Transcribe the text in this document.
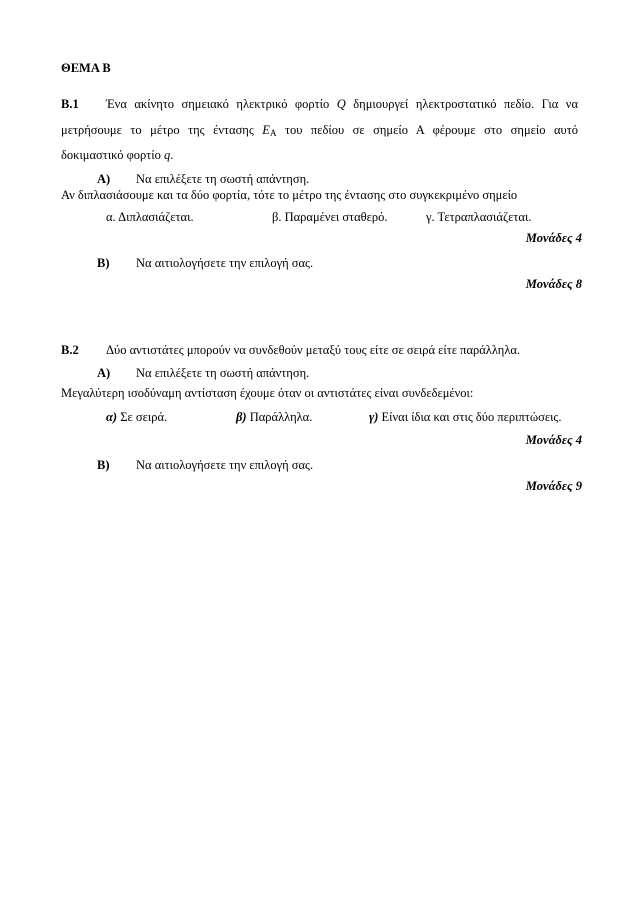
ΘΕΜΑ Β
Β.1 Ένα ακίνητο σημειακό ηλεκτρικό φορτίο Q δημιουργεί ηλεκτροστατικό πεδίο. Για να
μετρήσουμε το μέτρο της έντασης $E_A$ του πεδίου σε σημείο Α φέρουμε στο σημείο αυτό
δοκιμαστικό φορτίο q.
Α) Να επιλέξετε τη σωστή απάντηση.
Αν διπλασιάσουμε και τα δύο φορτία, τότε το μέτρο της έντασης στο συγκεκριμένο σημείο
α. Διπλασιάζεται.	β. Παραμένει σταθερό.	γ. Τετραπλασιάζεται.
Μονάδες 4
Β) Να αιτιολογήσετε την επιλογή σας.
Μονάδες 8
Β.2 Δύο αντιστάτες μπορούν να συνδεθούν μεταξύ τους είτε σε σειρά είτε παράλληλα.
Α) Να επιλέξετε τη σωστή απάντηση.
Μεγαλύτερη ισοδύναμη αντίσταση έχουμε όταν οι αντιστάτες είναι συνδεδεμένοι:
α) Σε σειρά.	β) Παράλληλα.	γ) Είναι ίδια και στις δύο περιπτώσεις.
Μονάδες 4
Β) Να αιτιολογήσετε την επιλογή σας.
Μονάδες 9
